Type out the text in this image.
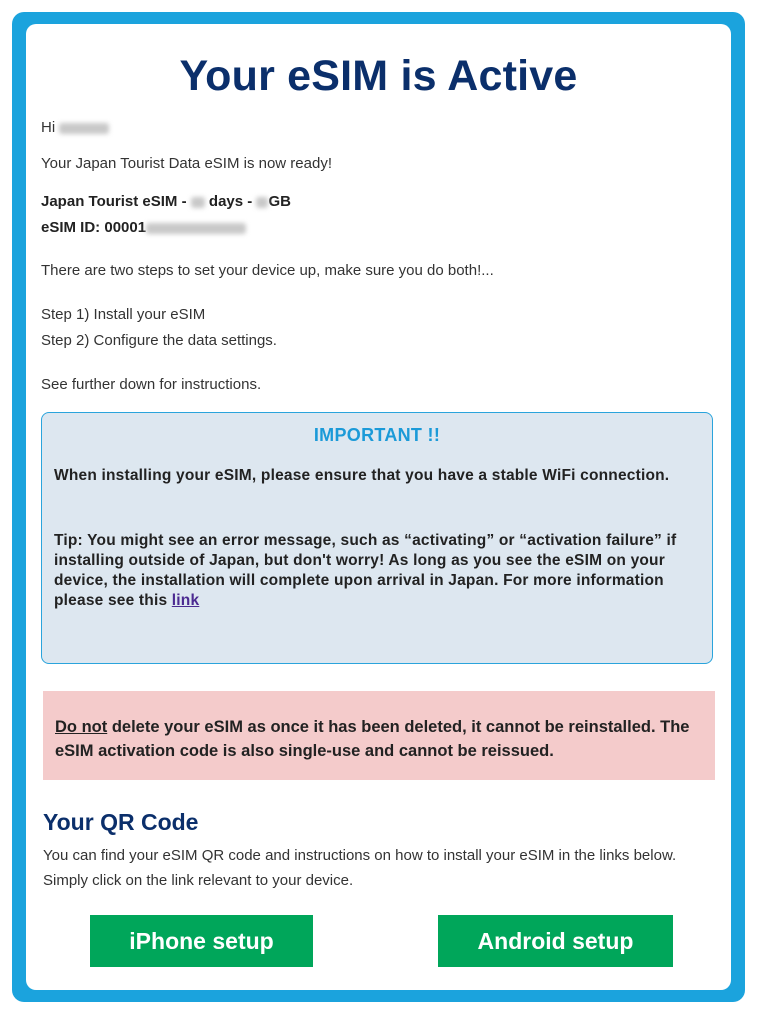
Your eSIM is Active
Hi
Your Japan Tourist Data eSIM is now ready!
Japan Tourist eSIM - days - GB
eSIM ID: 00001
There are two steps to set your device up, make sure you do both!...
Step 1) Install your eSIM
Step 2) Configure the data settings.
See further down for instructions.
IMPORTANT !!
When installing your eSIM, please ensure that you have a stable WiFi connection.
Tip: You might see an error message, such as “activating” or “activation failure” if installing outside of Japan, but don't worry! As long as you see the eSIM on your device, the installation will complete upon arrival in Japan. For more information please see this link

Do not delete your eSIM as once it has been deleted, it cannot be reinstalled. The eSIM activation code is also single-use and cannot be reissued.

Your QR Code
You can find your eSIM QR code and instructions on how to install your eSIM in the links below. Simply click on the link relevant to your device.
iPhone setup	Android setup
